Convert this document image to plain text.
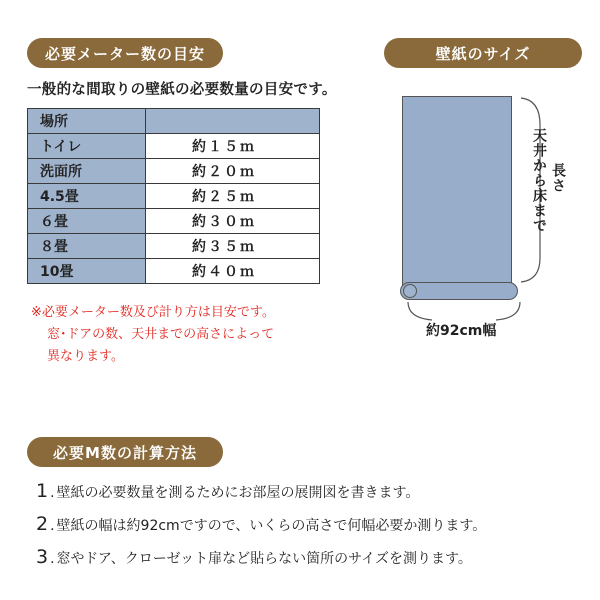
必要メーター数の目安	壁紙のサイズ
一般的な間取りの壁紙の必要数量の目安です。
場所	
トイレ	約１５ｍ
洗面所	約２０ｍ
4.5畳	約２５ｍ
６畳	約３０ｍ
８畳	約３５ｍ
10畳	約４０ｍ
※必要メーター数及び計り方は目安です。
窓･ドアの数、天井までの高さによって
異なります。
天井から床まで 長さ
約92cm幅
必要M数の計算方法
1 . 壁紙の必要数量を測るためにお部屋の展開図を書きます。
2 . 壁紙の幅は約92cmですので、いくらの高さで何幅必要か測ります。
3 . 窓やドア、クローゼット扉など貼らない箇所のサイズを測ります。
